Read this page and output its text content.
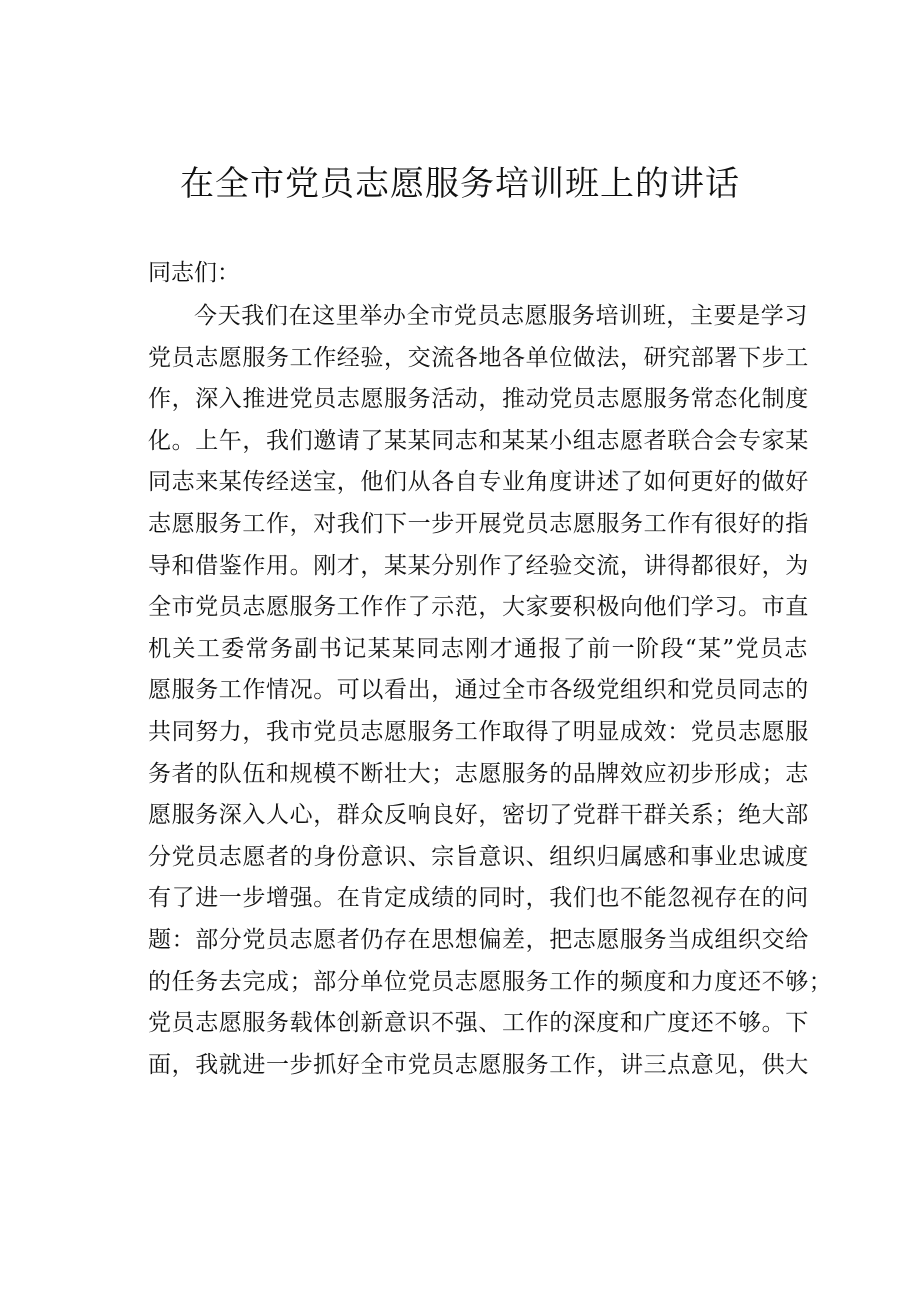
在全市党员志愿服务培训班上的讲话
同志们：
今天我们在这里举办全市党员志愿服务培训班，主要是学习
党员志愿服务工作经验，交流各地各单位做法，研究部署下步工
作，深入推进党员志愿服务活动，推动党员志愿服务常态化制度
化。上午，我们邀请了某某同志和某某小组志愿者联合会专家某
同志来某传经送宝，他们从各自专业角度讲述了如何更好的做好
志愿服务工作，对我们下一步开展党员志愿服务工作有很好的指
导和借鉴作用。刚才，某某分别作了经验交流，讲得都很好，为
全市党员志愿服务工作作了示范，大家要积极向他们学习。市直
机关工委常务副书记某某同志刚才通报了前一阶段“某”党员志
愿服务工作情况。可以看出，通过全市各级党组织和党员同志的
共同努力，我市党员志愿服务工作取得了明显成效：党员志愿服
务者的队伍和规模不断壮大；志愿服务的品牌效应初步形成；志
愿服务深入人心，群众反响良好，密切了党群干群关系；绝大部
分党员志愿者的身份意识、宗旨意识、组织归属感和事业忠诚度
有了进一步增强。在肯定成绩的同时，我们也不能忽视存在的问
题：部分党员志愿者仍存在思想偏差，把志愿服务当成组织交给
的任务去完成；部分单位党员志愿服务工作的频度和力度还不够；
党员志愿服务载体创新意识不强、工作的深度和广度还不够。下
面，我就进一步抓好全市党员志愿服务工作，讲三点意见，供大
